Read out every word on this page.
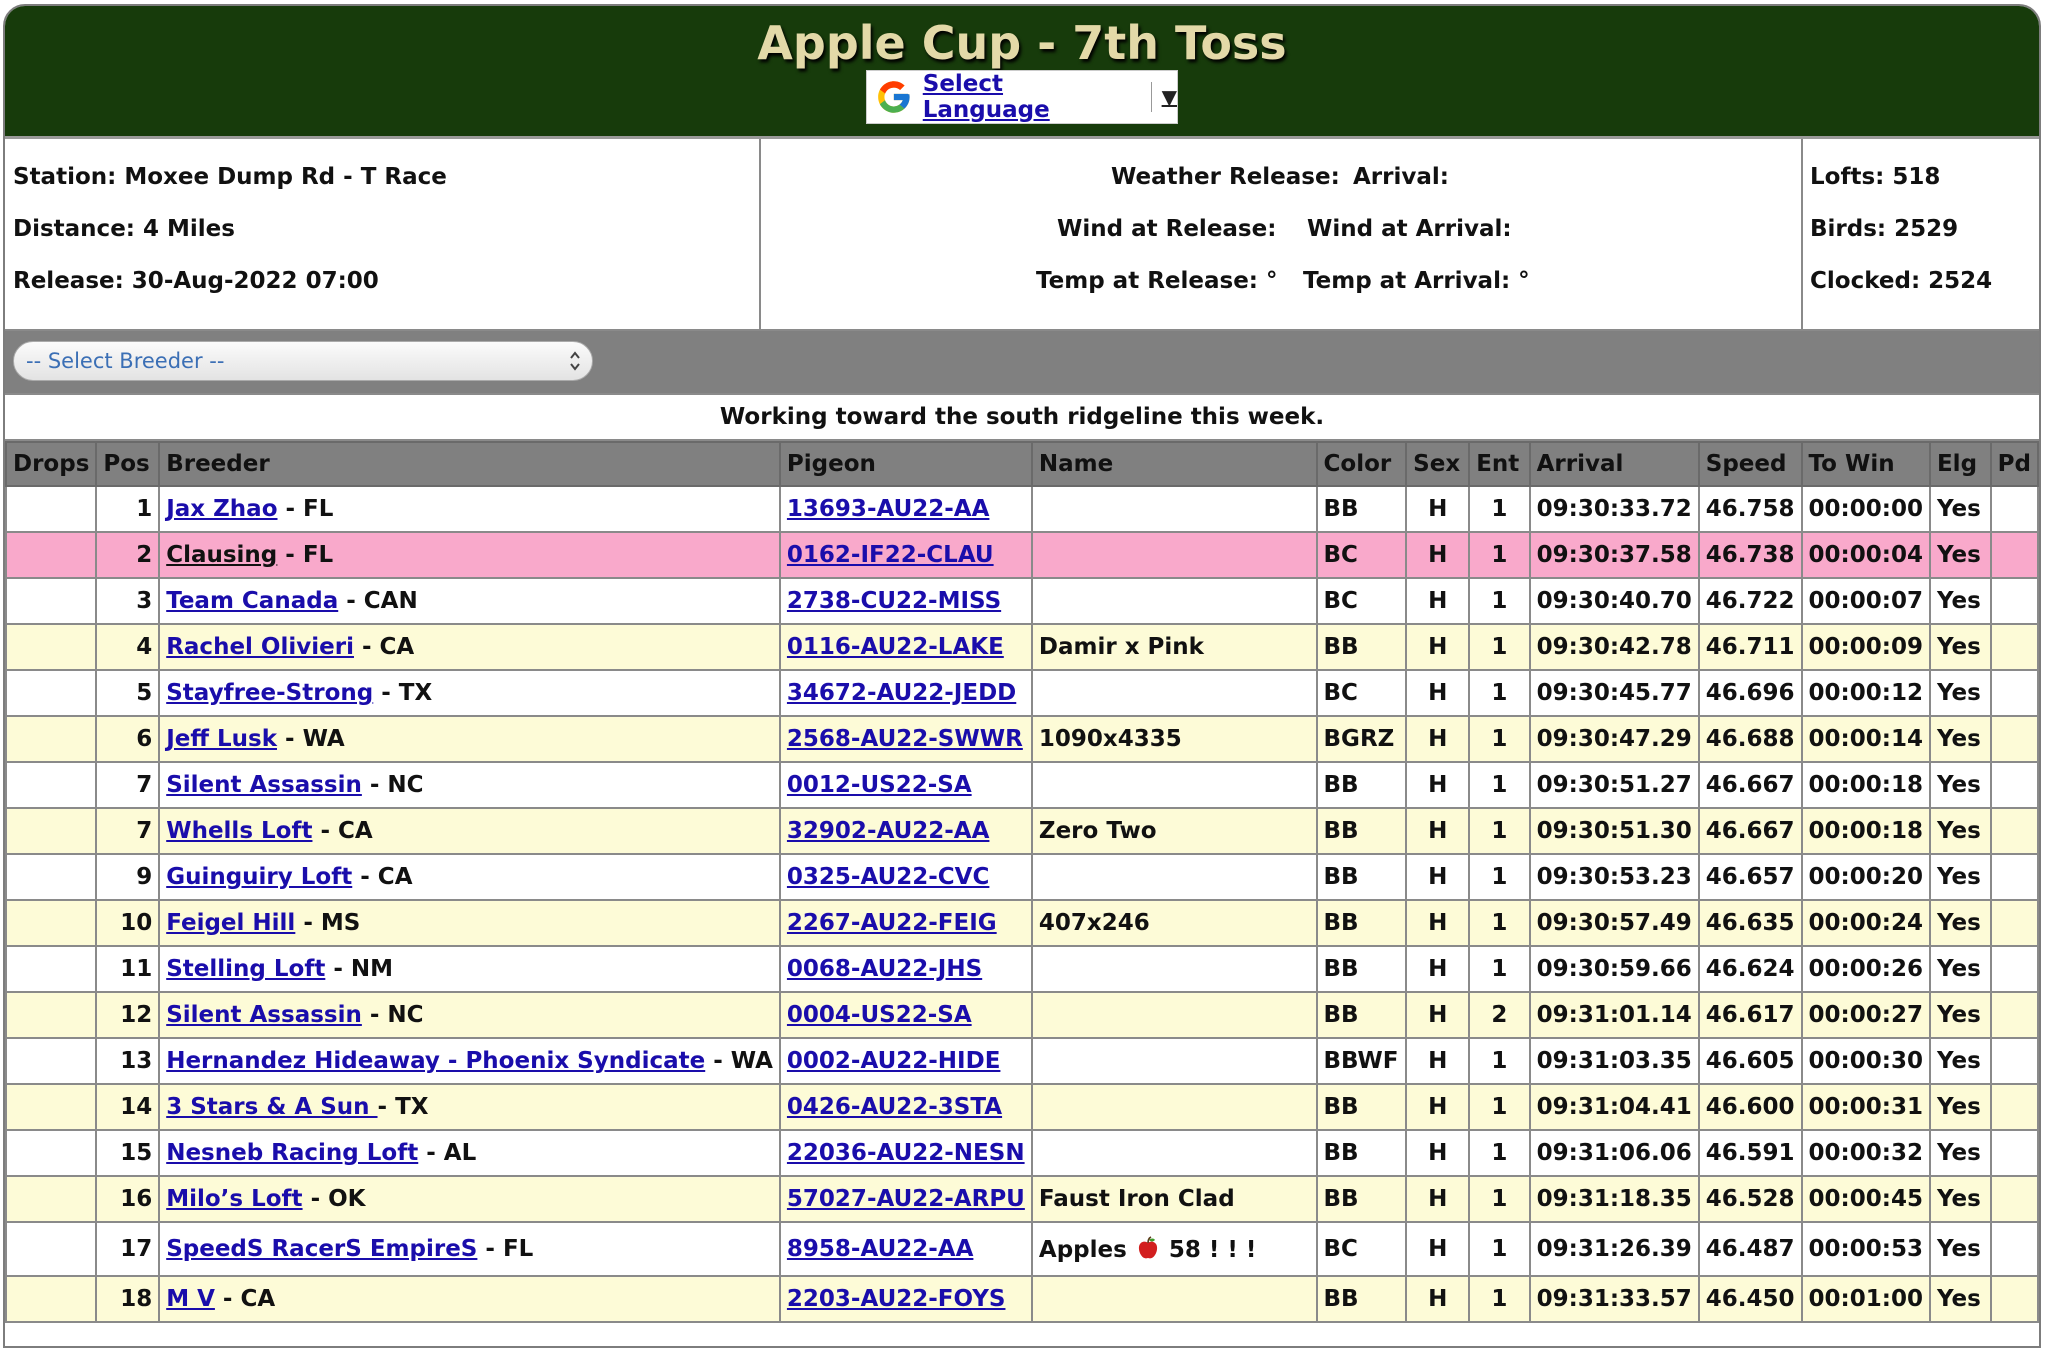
Apple Cup - 7th Toss
Select Language	▼
Station: Moxee Dump Rd - T Race
Distance: 4 Miles
Release: 30-Aug-2022 07:00
Weather Release: Arrival:
Wind at Release: Wind at Arrival:
Temp at Release: ° Temp at Arrival: °
Lofts: 518
Birds: 2529
Clocked: 2524
-- Select Breeder --
Working toward the south ridgeline this week.
Drops	Pos	Breeder	Pigeon	Name	Color	Sex	Ent	Arrival	Speed	To Win	Elg	Pd
	1	Jax Zhao - FL	13693-AU22-AA		BB	H	1	09:30:33.72	46.758	00:00:00	Yes	
	2	Clausing - FL	0162-IF22-CLAU		BC	H	1	09:30:37.58	46.738	00:00:04	Yes	
	3	Team Canada - CAN	2738-CU22-MISS		BC	H	1	09:30:40.70	46.722	00:00:07	Yes	
	4	Rachel Olivieri - CA	0116-AU22-LAKE	Damir x Pink	BB	H	1	09:30:42.78	46.711	00:00:09	Yes	
	5	Stayfree-Strong - TX	34672-AU22-JEDD		BC	H	1	09:30:45.77	46.696	00:00:12	Yes	
	6	Jeff Lusk - WA	2568-AU22-SWWR	1090x4335	BGRZ	H	1	09:30:47.29	46.688	00:00:14	Yes	
	7	Silent Assassin - NC	0012-US22-SA		BB	H	1	09:30:51.27	46.667	00:00:18	Yes	
	7	Whells Loft - CA	32902-AU22-AA	Zero Two	BB	H	1	09:30:51.30	46.667	00:00:18	Yes	
	9	Guinguiry Loft - CA	0325-AU22-CVC		BB	H	1	09:30:53.23	46.657	00:00:20	Yes	
	10	Feigel Hill - MS	2267-AU22-FEIG	407x246	BB	H	1	09:30:57.49	46.635	00:00:24	Yes	
	11	Stelling Loft - NM	0068-AU22-JHS		BB	H	1	09:30:59.66	46.624	00:00:26	Yes	
	12	Silent Assassin - NC	0004-US22-SA		BB	H	2	09:31:01.14	46.617	00:00:27	Yes	
	13	Hernandez Hideaway - Phoenix Syndicate - WA	0002-AU22-HIDE		BBWF	H	1	09:31:03.35	46.605	00:00:30	Yes	
	14	3 Stars & A Sun - TX	0426-AU22-3STA		BB	H	1	09:31:04.41	46.600	00:00:31	Yes	
	15	Nesneb Racing Loft - AL	22036-AU22-NESN		BB	H	1	09:31:06.06	46.591	00:00:32	Yes	
	16	Milo’s Loft - OK	57027-AU22-ARPU	Faust Iron Clad	BB	H	1	09:31:18.35	46.528	00:00:45	Yes	
	17	SpeedS RacerS EmpireS - FL	8958-AU22-AA	Apples  58 ! ! !	BC	H	1	09:31:26.39	46.487	00:00:53	Yes	
	18	M V - CA	2203-AU22-FOYS		BB	H	1	09:31:33.57	46.450	00:01:00	Yes	
